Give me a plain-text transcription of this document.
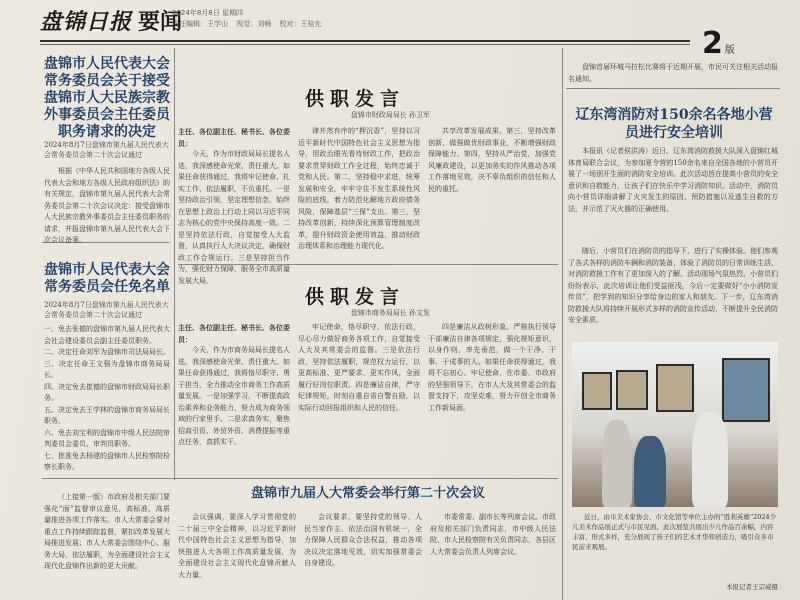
盘锦日报 要闻
2024年8月8日 星期四
责任编辑：王学山 视觉：刘畅 校对：王桂允
2 版
盘锦市人民代表大会常务委员会关于接受盘锦市人大民族宗教外事委员会主任委员职务请求的决定
2024年8月7日盘锦市第九届人民代表大会常务委员会第二十次会议通过

根据《中华人民共和国地方各级人民代表大会和地方各级人民政府组织法》的有关规定，盘锦市第九届人民代表大会常务委员会第二十次会议决定：接受盘锦市人大民族宗教外事委员会主任委员职务的请求，并报盘锦市第九届人民代表大会下次会议备案。

盘锦市人民代表大会常务委员会任免名单
2024年8月7日盘锦市第九届人民代表大会常务委员会第二十次会议通过

一、免去张德的盘锦市第九届人民代表大会社会建设委员会副主任委员职务。

二、决定任命刘军为盘锦市司法局局长。

三、决定任命王文强为盘锦市商务局局长。

四、决定免去崔德的盘锦市财政局局长职务。

五、决定免去王学林的盘锦市商务局局长职务。

六、免去刘宝利的盘锦市中级人民法院审判委员会委员、审判员职务。

七、批准免去杨建的盘锦市人民检察院检察长职务。

（上接第一版）市政府及相关部门要强化“面”监督审议意见，高标准、高质量推进各项工作落实。市人大常委会要对重点工作持续跟踪监督，紧扣改革发展大局推进发展；市人大常委会围绕中心、服务大局，依法履职，为全面建设社会主义现代化盘锦作出新的更大贡献。

供职发言
盘锦市财政局局长 孙卫军

主任、各位副主任、秘书长、各位委员：

今天，作为市财政局局长提名人选，我深感使命光荣、责任重大。如果任命获得通过，我将牢记使命、扎实工作，依法履职，不负重托。一是坚持政治引领，坚定理想信念，始终在思想上政治上行动上同以习近平同志为核心的党中央保持高度一致。二是坚持依法行政，自觉接受人大监督，认真执行人大决议决定，确保财政工作合规运行。三是坚持担当作为，强化财力保障，服务全市高质量发展大局。

律并然有序的“押沉香”，坚持以习近平新时代中国特色社会主义思想为指导，用政治眼光看待财政工作，把政治要求贯穿财政工作全过程，始终忠诚于党和人民。第二，坚持稳中求进，统筹发展和安全，牢牢守住不发生系统性风险的底线，着力防范化解地方政府债务风险，保障基层“三保”支出。第三，坚持改革创新，持续深化预算管理制度改革，提升财政资金使用效益，推动财政治理体系和治理能力现代化。

共享改革发展成果。第三，坚持改革创新，做强做优财政事业，不断增强财政保障能力。第四，坚持从严治党，加强党风廉政建设，以更加务实的作风推动各项工作落地见效，决不辜负组织的信任和人民的重托。

供职发言
盘锦市商务局局长 孙文发

主任、各位副主任、秘书长、各位委员：

今天，作为市商务局局长提名人选，我深感使命光荣、责任重大。如果任命获得通过，我将恪尽职守、勇于担当，全力推动全市商务工作高质量发展。一是加强学习，不断提高政治素养和业务能力，努力成为商务领域的行家里手。二是求真务实，聚焦招商引资、外贸外资、消费提振等重点任务，真抓实干。

牢记使命，恪尽职守，依法行政，尽心尽力做好商务各项工作，自觉接受人大及其常委会的监督。三是依法行政，坚持依法履职，规范权力运行，以更高标准、更严要求、更实作风，全面履行好岗位职责。四是廉洁自律，严守纪律规矩，时刻自重自省自警自励，以实际行动回报组织和人民的信任。

四是廉洁从政树形象。严格执行领导干部廉洁自律各项规定，强化规矩意识，以身作则，率先垂范，做一个干净、干事、干成事的人。如果任命获得通过，我将不忘初心、牢记使命，在市委、市政府的坚强领导下，在市人大及其常委会的监督支持下，攻坚克难，努力开创全市商务工作新局面。

盘锦市九届人大常委会举行第二十次会议

会议强调，要深入学习贯彻党的二十届三中全会精神，以习近平新时代中国特色社会主义思想为指导，加快推进人大各项工作高质量发展，为全面建设社会主义现代化盘锦贡献人大力量。

会议要求，要坚持党的领导、人民当家作主、依法治国有机统一，全力保障人民群众合法权益，推动各项决议决定落地见效，切实加强常委会自身建设。

市委常委、副市长等列席会议。市政府及相关部门负责同志，市中级人民法院、市人民检察院有关负责同志，各县区人大常委会负责人列席会议。

盘锦首届环城马拉松比赛将于近期开展，市民可关注相关活动报名通知。

辽东湾消防对150余名各地小营员进行安全培训

本报讯（记者侯洪涛）近日，辽东湾消防救援大队深入盘锦红城体育局联合会议，为参加夏令营的150余名来自全国各地的小营员开展了一场别开生面的消防安全培训。此次活动旨在提高小营员的安全意识和自救能力，让孩子们在快乐中学习消防知识。活动中，消防员向小营员详细讲解了火灾发生的原因、预防措施以及逃生自救的方法，并示范了灭火器的正确使用。

随后，小营员们在消防员的指导下，进行了实操体验。他们参观了各式各样的消防车辆和消防装备，体验了消防员的日常训练生活，对消防救援工作有了更加深入的了解。活动现场气氛热烈，小营员们纷纷表示，此次培训让他们受益匪浅，今后一定要做好“小小消防宣传员”，把学到的知识分享给身边的家人和朋友。下一步，辽东湾消防救援大队将持续开展形式多样的消防宣传活动，不断提升全民消防安全素质。

近日，由市美术家协会、市文化馆等单位主办的“胜利英雄”2024少儿美术作品展正式与市民见面。此次展览共展出少儿作品百余幅，内容丰富、形式多样，充分展现了孩子们的艺术才华和创造力，吸引众多市民前来观展。
本报记者王宗威摄
